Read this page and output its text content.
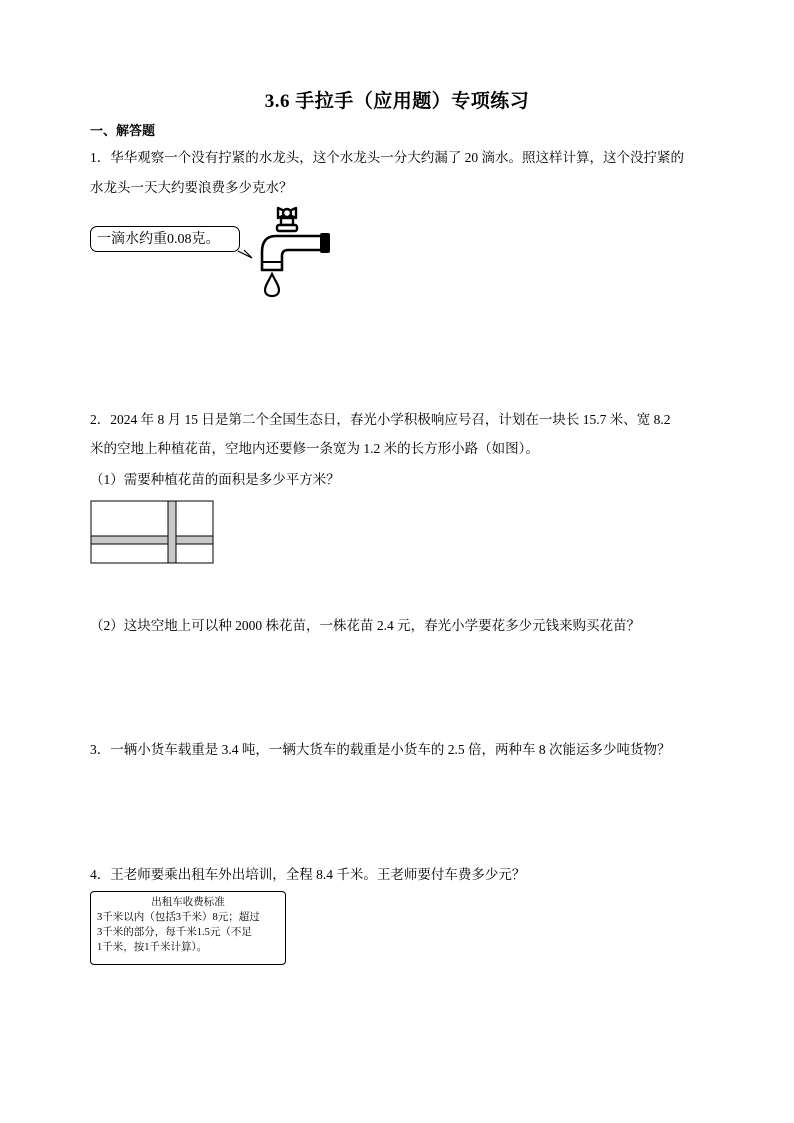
3.6 手拉手（应用题）专项练习
一、解答题
1．华华观察一个没有拧紧的水龙头，这个水龙头一分大约漏了 20 滴水。照这样计算，这个没拧紧的
水龙头一天大约要浪费多少克水？
一滴水约重0.08克。
2．2024 年 8 月 15 日是第二个全国生态日，春光小学积极响应号召，计划在一块长 15.7 米、宽 8.2
米的空地上种植花苗，空地内还要修一条宽为 1.2 米的长方形小路（如图）。
（1）需要种植花苗的面积是多少平方米？
（2）这块空地上可以种 2000 株花苗，一株花苗 2.4 元，春光小学要花多少元钱来购买花苗？
3．一辆小货车载重是 3.4 吨，一辆大货车的载重是小货车的 2.5 倍，两种车 8 次能运多少吨货物？
4．王老师要乘出租车外出培训，全程 8.4 千米。王老师要付车费多少元？
出租车收费标准
3千米以内（包括3千米）8元；超过
3千米的部分，每千米1.5元（不足
1千米，按1千米计算）。
